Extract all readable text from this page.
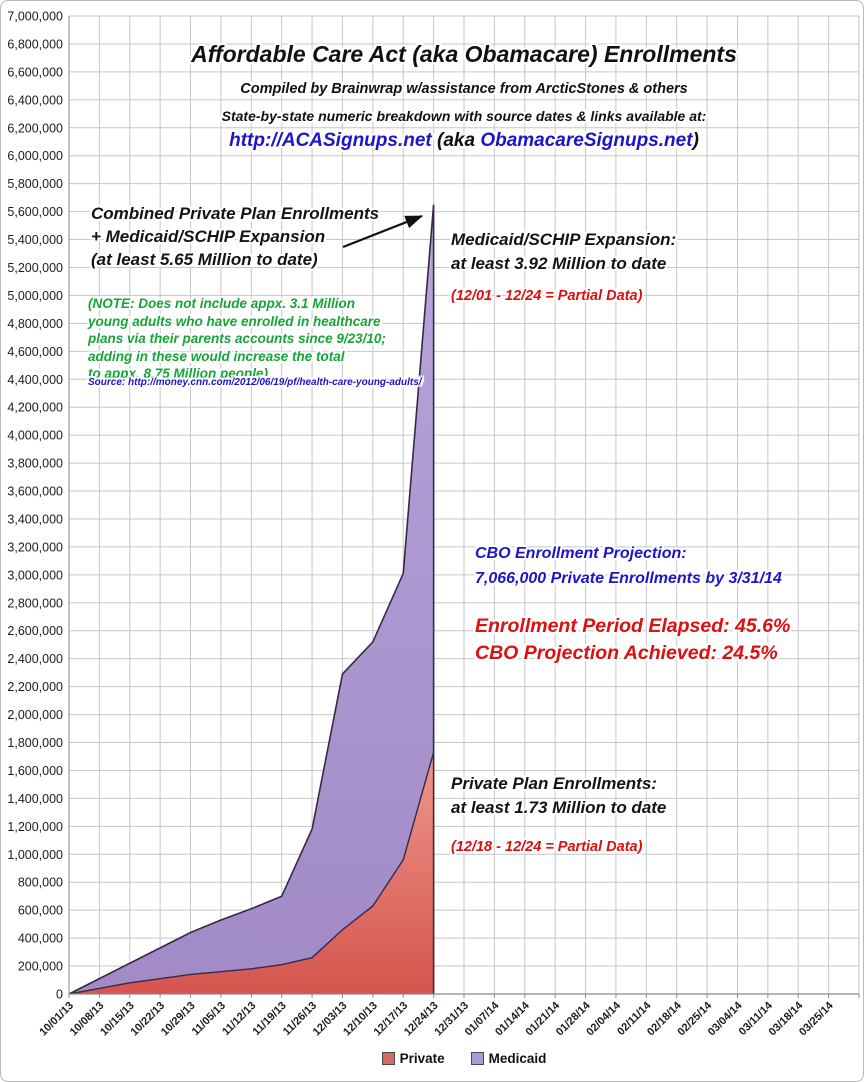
0
200,000
400,000
600,000
800,000
1,000,000
1,200,000
1,400,000
1,600,000
1,800,000
2,000,000
2,200,000
2,400,000
2,600,000
2,800,000
3,000,000
3,200,000
3,400,000
3,600,000
3,800,000
4,000,000
4,200,000
4,400,000
4,600,000
4,800,000
5,000,000
5,200,000
5,400,000
5,600,000
5,800,000
6,000,000
6,200,000
6,400,000
6,600,000
6,800,000
7,000,000
10/01/13
10/08/13
10/15/13
10/22/13
10/29/13
11/05/13
11/12/13
11/19/13
11/26/13
12/03/13
12/10/13
12/17/13
12/24/13
12/31/13
01/07/14
01/14/14
01/21/14
01/28/14
02/04/14
02/11/14
02/18/14
02/25/14
03/04/14
03/11/14
03/18/14
03/25/14
Affordable Care Act (aka Obamacare) Enrollments
Compiled by Brainwrap w/assistance from ArcticStones & others
State-by-state numeric breakdown with source dates & links available at:
http://ACASignups.net (aka ObamacareSignups.net)
Combined Private Plan Enrollments
+ Medicaid/SCHIP Expansion
(at least 5.65 Million to date)
(NOTE: Does not include appx. 3.1 Million
young adults who have enrolled in healthcare
plans via their parents accounts since 9/23/10;
adding in these would increase the total
to appx. 8.75 Million people)
Source: http://money.cnn.com/2012/06/19/pf/health-care-young-adults/
Medicaid/SCHIP Expansion:
at least 3.92 Million to date
(12/01 - 12/24 = Partial Data)
CBO Enrollment Projection:
7,066,000 Private Enrollments by 3/31/14
Enrollment Period Elapsed: 45.6%
CBO Projection Achieved: 24.5%
Private Plan Enrollments:
at least 1.73 Million to date
(12/18 - 12/24 = Partial Data)
Private	Medicaid
